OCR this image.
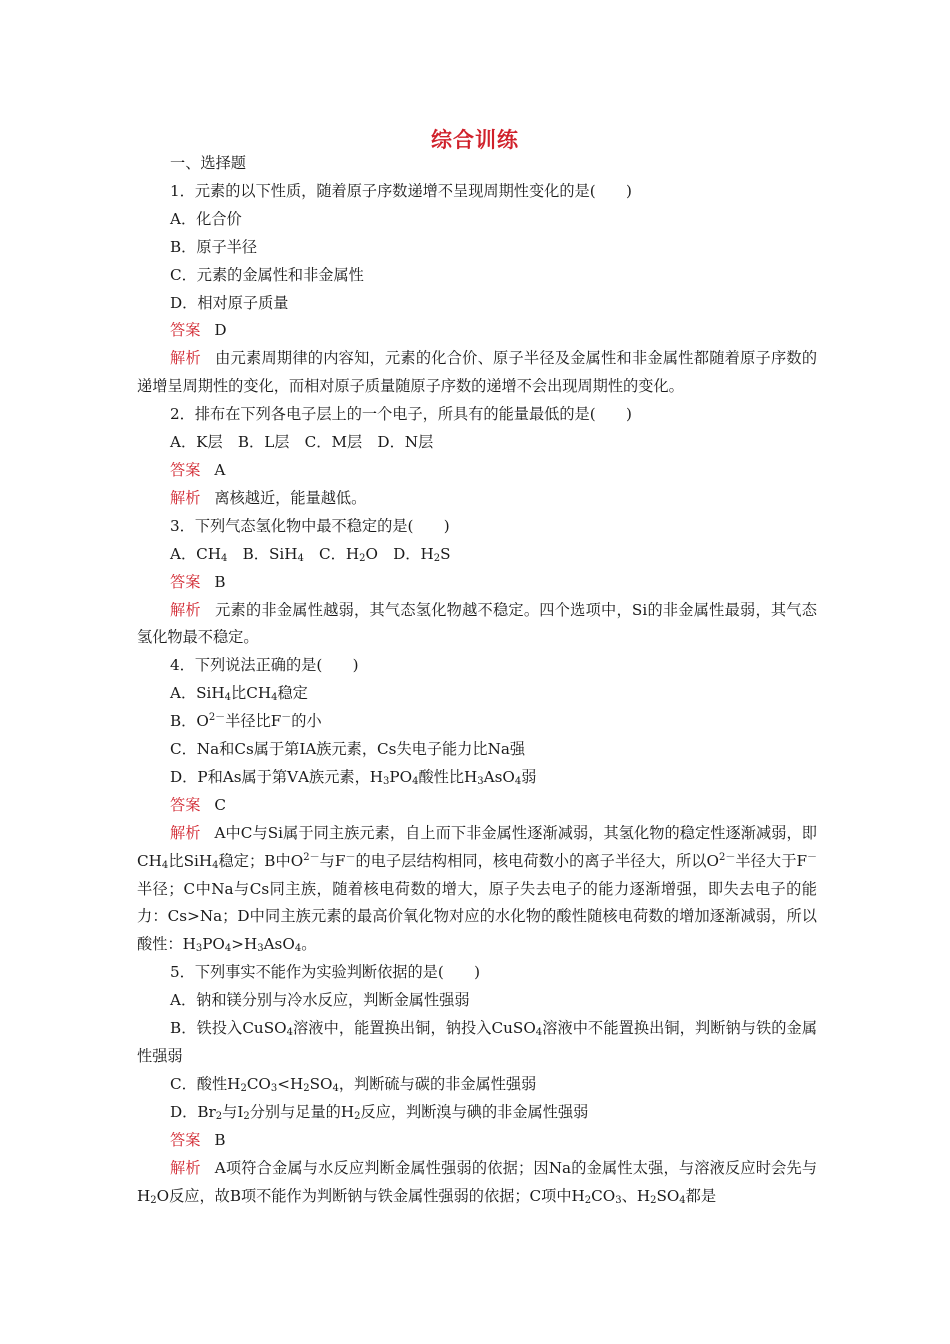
综合训练
一、选择题
1．元素的以下性质，随着原子序数递增不呈现周期性变化的是(　　)
A．化合价
B．原子半径
C．元素的金属性和非金属性
D．相对原子质量
答案 D
解析 由元素周期律的内容知，元素的化合价、原子半径及金属性和非金属性都随着原子序数的递增呈周期性的变化，而相对原子质量随原子序数的递增不会出现周期性的变化。
2．排布在下列各电子层上的一个电子，所具有的能量最低的是(　　)
A．K层　B．L层　C．M层　D．N层
答案 A
解析 离核越近，能量越低。
3．下列气态氢化物中最不稳定的是(　　)
A．$CH_4$　B．SiH$_4$　C．$H_2O$　D．$H_2S$
答案 B
解析 元素的非金属性越弱，其气态氢化物越不稳定。四个选项中，Si的非金属性最弱，其气态氢化物最不稳定。
4．下列说法正确的是(　　)
A．SiH$_4$比$CH_4$稳定
B．$O^{2-}$半径比F－的小
C．Na和Cs属于第ⅠA族元素，Cs失电子能力比Na强
D．P和As属于第ⅤA族元素，$H_3PO_4$酸性比$H_3AsO_4$弱
答案 C
解析 A中C与Si属于同主族元素，自上而下非金属性逐渐减弱，其氢化物的稳定性逐渐减弱，即$CH_4$比SiH$_4$稳定；B中$O^{2-}$与F－的电子层结构相同，核电荷数小的离子半径大，所以$O^{2-}$半径大于F－半径；C中Na与Cs同主族，随着核电荷数的增大，原子失去电子的能力逐渐增强，即失去电子的能力：Cs>Na；D中同主族元素的最高价氧化物对应的水化物的酸性随核电荷数的增加逐渐减弱，所以酸性：$H_3PO_4>H_3AsO_4$。
5．下列事实不能作为实验判断依据的是(　　)
A．钠和镁分别与冷水反应，判断金属性强弱
B．铁投入CuSO$_4$溶液中，能置换出铜，钠投入CuSO$_4$溶液中不能置换出铜，判断钠与铁的金属性强弱
C．酸性$H_2CO_3<H_2SO_4$，判断硫与碳的非金属性强弱
D．$Br_2$与$I_2$分别与足量的$H_2$反应，判断溴与碘的非金属性强弱
答案 B
解析 A项符合金属与水反应判断金属性强弱的依据；因Na的金属性太强，与溶液反应时会先与$H_2O$反应，故B项不能作为判断钠与铁金属性强弱的依据；C项中$H_2CO_3$、$H_2SO_4$都是
